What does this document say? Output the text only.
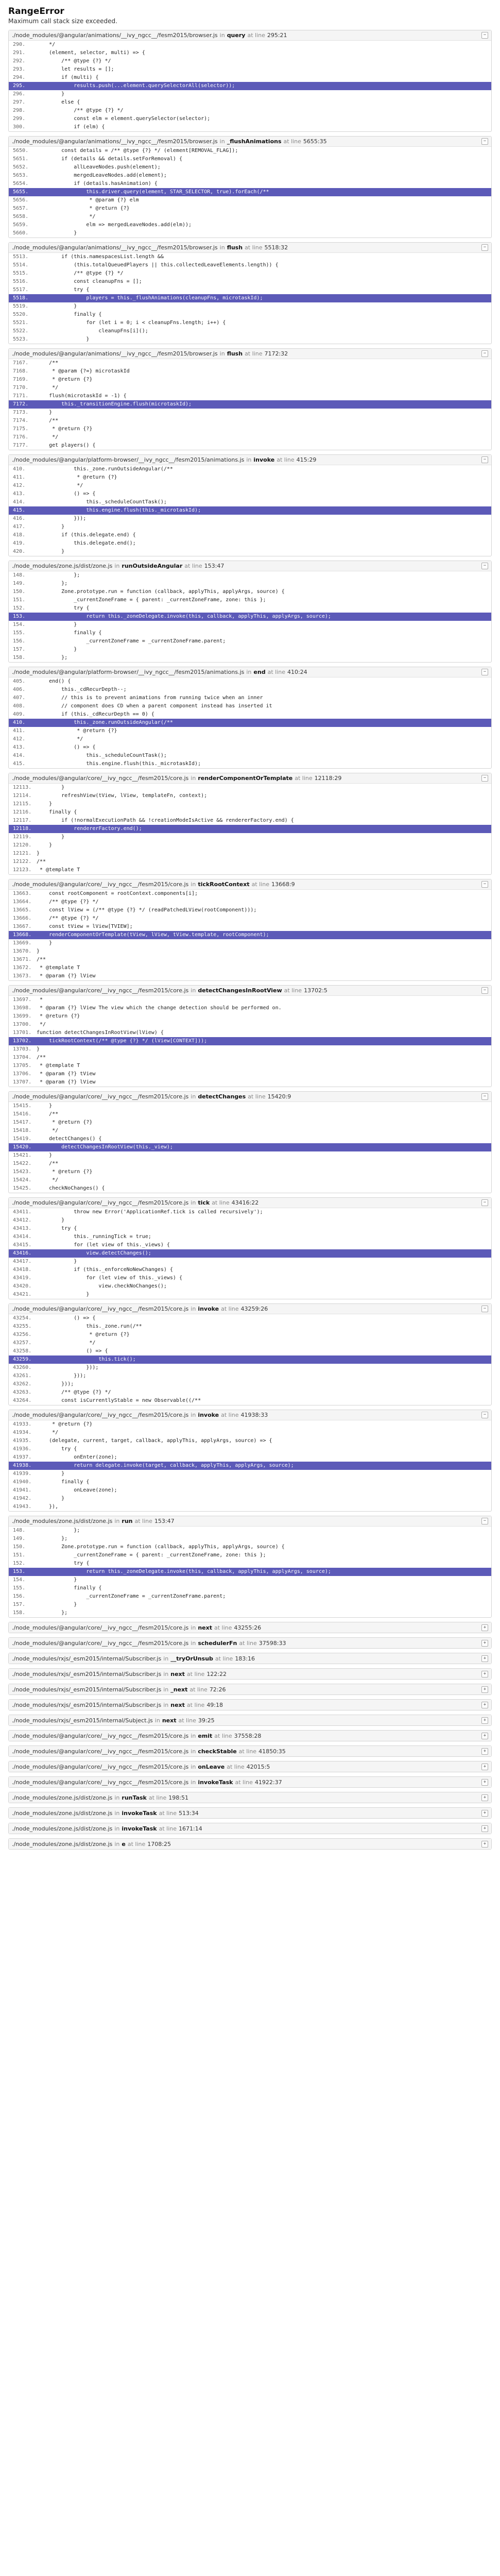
RangeError
Maximum call stack size exceeded.
./node_modules/@angular/animations/__ivy_ngcc__/fesm2015/browser.js in query at line 295:21	−
290.	*/
291.	(element, selector, multi) => {
292.	/** @type {?} */
293.	let results = [];
294.	if (multi) {
295.	results.push(...element.querySelectorAll(selector));
296.	}
297.	else {
298.	/** @type {?} */
299.	const elm = element.querySelector(selector);
300.	if (elm) {
./node_modules/@angular/animations/__ivy_ngcc__/fesm2015/browser.js in _flushAnimations at line 5655:35	−
5650.	const details = /** @type {?} */ (element[REMOVAL_FLAG]);
5651.	if (details && details.setForRemoval) {
5652.	allLeaveNodes.push(element);
5653.	mergedLeaveNodes.add(element);
5654.	if (details.hasAnimation) {
5655.	this.driver.query(element, STAR_SELECTOR, true).forEach(/**
5656.	* @param {?} elm
5657.	* @return {?}
5658.	*/
5659.	elm => mergedLeaveNodes.add(elm));
5660.	}
./node_modules/@angular/animations/__ivy_ngcc__/fesm2015/browser.js in flush at line 5518:32	−
5513.	if (this.namespacesList.length &&
5514.	(this.totalQueuedPlayers || this.collectedLeaveElements.length)) {
5515.	/** @type {?} */
5516.	const cleanupFns = [];
5517.	try {
5518.	players = this._flushAnimations(cleanupFns, microtaskId);
5519.	}
5520.	finally {
5521.	for (let i = 0; i < cleanupFns.length; i++) {
5522.	cleanupFns[i]();
5523.	}
./node_modules/@angular/animations/__ivy_ngcc__/fesm2015/browser.js in flush at line 7172:32	−
7167.	/**
7168.	* @param {?=} microtaskId
7169.	* @return {?}
7170.	*/
7171.	flush(microtaskId = -1) {
7172.	this._transitionEngine.flush(microtaskId);
7173.	}
7174.	/**
7175.	* @return {?}
7176.	*/
7177.	get players() {
./node_modules/@angular/platform-browser/__ivy_ngcc__/fesm2015/animations.js in invoke at line 415:29	−
410.	this._zone.runOutsideAngular(/**
411.	* @return {?}
412.	*/
413.	() => {
414.	this._scheduleCountTask();
415.	this.engine.flush(this._microtaskId);
416.	}));
417.	}
418.	if (this.delegate.end) {
419.	this.delegate.end();
420.	}
./node_modules/zone.js/dist/zone.js in runOutsideAngular at line 153:47	−
148.	};
149.	};
150.	Zone.prototype.run = function (callback, applyThis, applyArgs, source) {
151.	_currentZoneFrame = { parent: _currentZoneFrame, zone: this };
152.	try {
153.	return this._zoneDelegate.invoke(this, callback, applyThis, applyArgs, source);
154.	}
155.	finally {
156.	_currentZoneFrame = _currentZoneFrame.parent;
157.	}
158.	};
./node_modules/@angular/platform-browser/__ivy_ngcc__/fesm2015/animations.js in end at line 410:24	−
405.	end() {
406.	this._cdRecurDepth--;
407.	// this is to prevent animations from running twice when an inner
408.	// component does CD when a parent component instead has inserted it
409.	if (this._cdRecurDepth == 0) {
410.	this._zone.runOutsideAngular(/**
411.	* @return {?}
412.	*/
413.	() => {
414.	this._scheduleCountTask();
415.	this.engine.flush(this._microtaskId);
./node_modules/@angular/core/__ivy_ngcc__/fesm2015/core.js in renderComponentOrTemplate at line 12118:29	−
12113. }
12114. refreshView(tView, lView, templateFn, context);
12115. }
12116. finally {
12117. if (!normalExecutionPath && !creationModeIsActive && rendererFactory.end) {
12118. rendererFactory.end();
12119. }
12120. }
12121. }
12122. /**
12123. * @template T
./node_modules/@angular/core/__ivy_ngcc__/fesm2015/core.js in tickRootContext at line 13668:9	−
13663. const rootComponent = rootContext.components[i];
13664. /** @type {?} */
13665. const lView = (/** @type {?} */ (readPatchedLView(rootComponent)));
13666. /** @type {?} */
13667. const tView = lView[TVIEW];
13668. renderComponentOrTemplate(tView, lView, tView.template, rootComponent);
13669. }
13670. }
13671. /**
13672. * @template T
13673. * @param {?} lView
./node_modules/@angular/core/__ivy_ngcc__/fesm2015/core.js in detectChangesInRootView at line 13702:5	−
13697. *
13698. * @param {?} lView The view which the change detection should be performed on.
13699. * @return {?}
13700. */
13701. function detectChangesInRootView(lView) {
13702. tickRootContext(/** @type {?} */ (lView[CONTEXT]));
13703. }
13704. /**
13705. * @template T
13706. * @param {?} tView
13707. * @param {?} lView
./node_modules/@angular/core/__ivy_ngcc__/fesm2015/core.js in detectChanges at line 15420:9	−
15415. }
15416. /**
15417. * @return {?}
15418. */
15419. detectChanges() {
15420. detectChangesInRootView(this._view);
15421. }
15422. /**
15423. * @return {?}
15424. */
15425. checkNoChanges() {
./node_modules/@angular/core/__ivy_ngcc__/fesm2015/core.js in tick at line 43416:22	−
43411. throw new Error('ApplicationRef.tick is called recursively');
43412. }
43413. try {
43414. this._runningTick = true;
43415. for (let view of this._views) {
43416. view.detectChanges();
43417. }
43418. if (this._enforceNoNewChanges) {
43419. for (let view of this._views) {
43420. view.checkNoChanges();
43421. }
./node_modules/@angular/core/__ivy_ngcc__/fesm2015/core.js in invoke at line 43259:26	−
43254. () => {
43255. this._zone.run(/**
43256. * @return {?}
43257. */
43258. () => {
43259. this.tick();
43260. }));
43261. }));
43262. }));
43263. /** @type {?} */
43264. const isCurrentlyStable = new Observable((/**
./node_modules/@angular/core/__ivy_ngcc__/fesm2015/core.js in invoke at line 41938:33	−
41933. * @return {?}
41934. */
41935. (delegate, current, target, callback, applyThis, applyArgs, source) => {
41936. try {
41937. onEnter(zone);
41938. return delegate.invoke(target, callback, applyThis, applyArgs, source);
41939. }
41940. finally {
41941. onLeave(zone);
41942. }
41943. }),
./node_modules/zone.js/dist/zone.js in run at line 153:47	−
148.	};
149.	};
150.	Zone.prototype.run = function (callback, applyThis, applyArgs, source) {
151.	_currentZoneFrame = { parent: _currentZoneFrame, zone: this };
152.	try {
153.	return this._zoneDelegate.invoke(this, callback, applyThis, applyArgs, source);
154.	}
155.	finally {
156.	_currentZoneFrame = _currentZoneFrame.parent;
157.	}
158.	};
./node_modules/@angular/core/__ivy_ngcc__/fesm2015/core.js in next at line 43255:26	+
./node_modules/@angular/core/__ivy_ngcc__/fesm2015/core.js in schedulerFn at line 37598:33	+
./node_modules/rxjs/_esm2015/internal/Subscriber.js in __tryOrUnsub at line 183:16	+
./node_modules/rxjs/_esm2015/internal/Subscriber.js in next at line 122:22	+
./node_modules/rxjs/_esm2015/internal/Subscriber.js in _next at line 72:26	+
./node_modules/rxjs/_esm2015/internal/Subscriber.js in next at line 49:18	+
./node_modules/rxjs/_esm2015/internal/Subject.js in next at line 39:25	+
./node_modules/@angular/core/__ivy_ngcc__/fesm2015/core.js in emit at line 37558:28	+
./node_modules/@angular/core/__ivy_ngcc__/fesm2015/core.js in checkStable at line 41850:35	+
./node_modules/@angular/core/__ivy_ngcc__/fesm2015/core.js in onLeave at line 42015:5	+
./node_modules/@angular/core/__ivy_ngcc__/fesm2015/core.js in invokeTask at line 41922:37	+
./node_modules/zone.js/dist/zone.js in runTask at line 198:51	+
./node_modules/zone.js/dist/zone.js in invokeTask at line 513:34	+
./node_modules/zone.js/dist/zone.js in invokeTask at line 1671:14	+
./node_modules/zone.js/dist/zone.js in e at line 1708:25	+
